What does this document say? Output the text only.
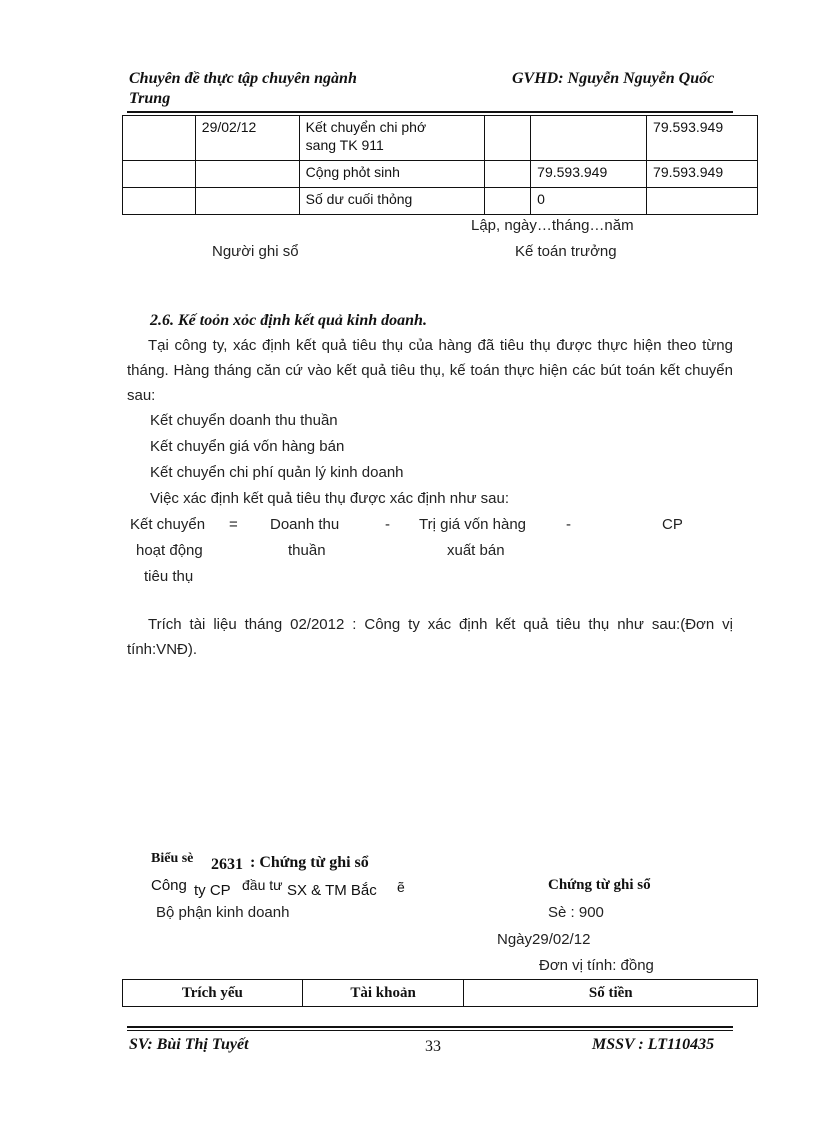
Chuyên đề thực tập chuyên ngành
Trung
GVHD: Nguyễn Nguyễn Quốc

	29/02/12	Kết chuyển chi phớ
sang TK 911			79.593.949

		Cộng phỏt sinh		79.593.949	79.593.949

		Số dư cuối thỏng		0	

Lập, ngày…tháng…năm
Người ghi sổ	Kế toán trưởng
2.6. Kế toỏn xỏc định kết quả kinh doanh.
Tại công ty, xác định kết quả tiêu thụ của hàng đã tiêu thụ được thực hiện theo từng tháng. Hàng tháng căn cứ vào kết quả tiêu thụ, kế toán thực hiện các bút toán kết chuyển sau:
Kết chuyển doanh thu thuần
Kết chuyển giá vốn hàng bán
Kết chuyển chi phí quản lý kinh doanh
Việc xác định kết quả tiêu thụ được xác định như sau:
Kết chuyển = Doanh thu	- Trị giá vốn hàng	-	CP
hoạt động	thuần	xuất bán
tiêu thụ
Trích tài liệu tháng 02/2012 : Công ty xác định kết quả tiêu thụ như sau:(Đơn vị tính:VNĐ).
Biểu sè 2631 : Chứng từ ghi sổ
Công ty CP đầu tư SX & TM Bắc ẽ	Chứng từ ghi sổ
Bộ phận kinh doanh	Sè : 900
Ngày29/02/12
Đơn vị tính: đồng
Trích yếu	Tài khoản	Số tiền
SV: Bùi Thị Tuyết	33	MSSV : LT110435
